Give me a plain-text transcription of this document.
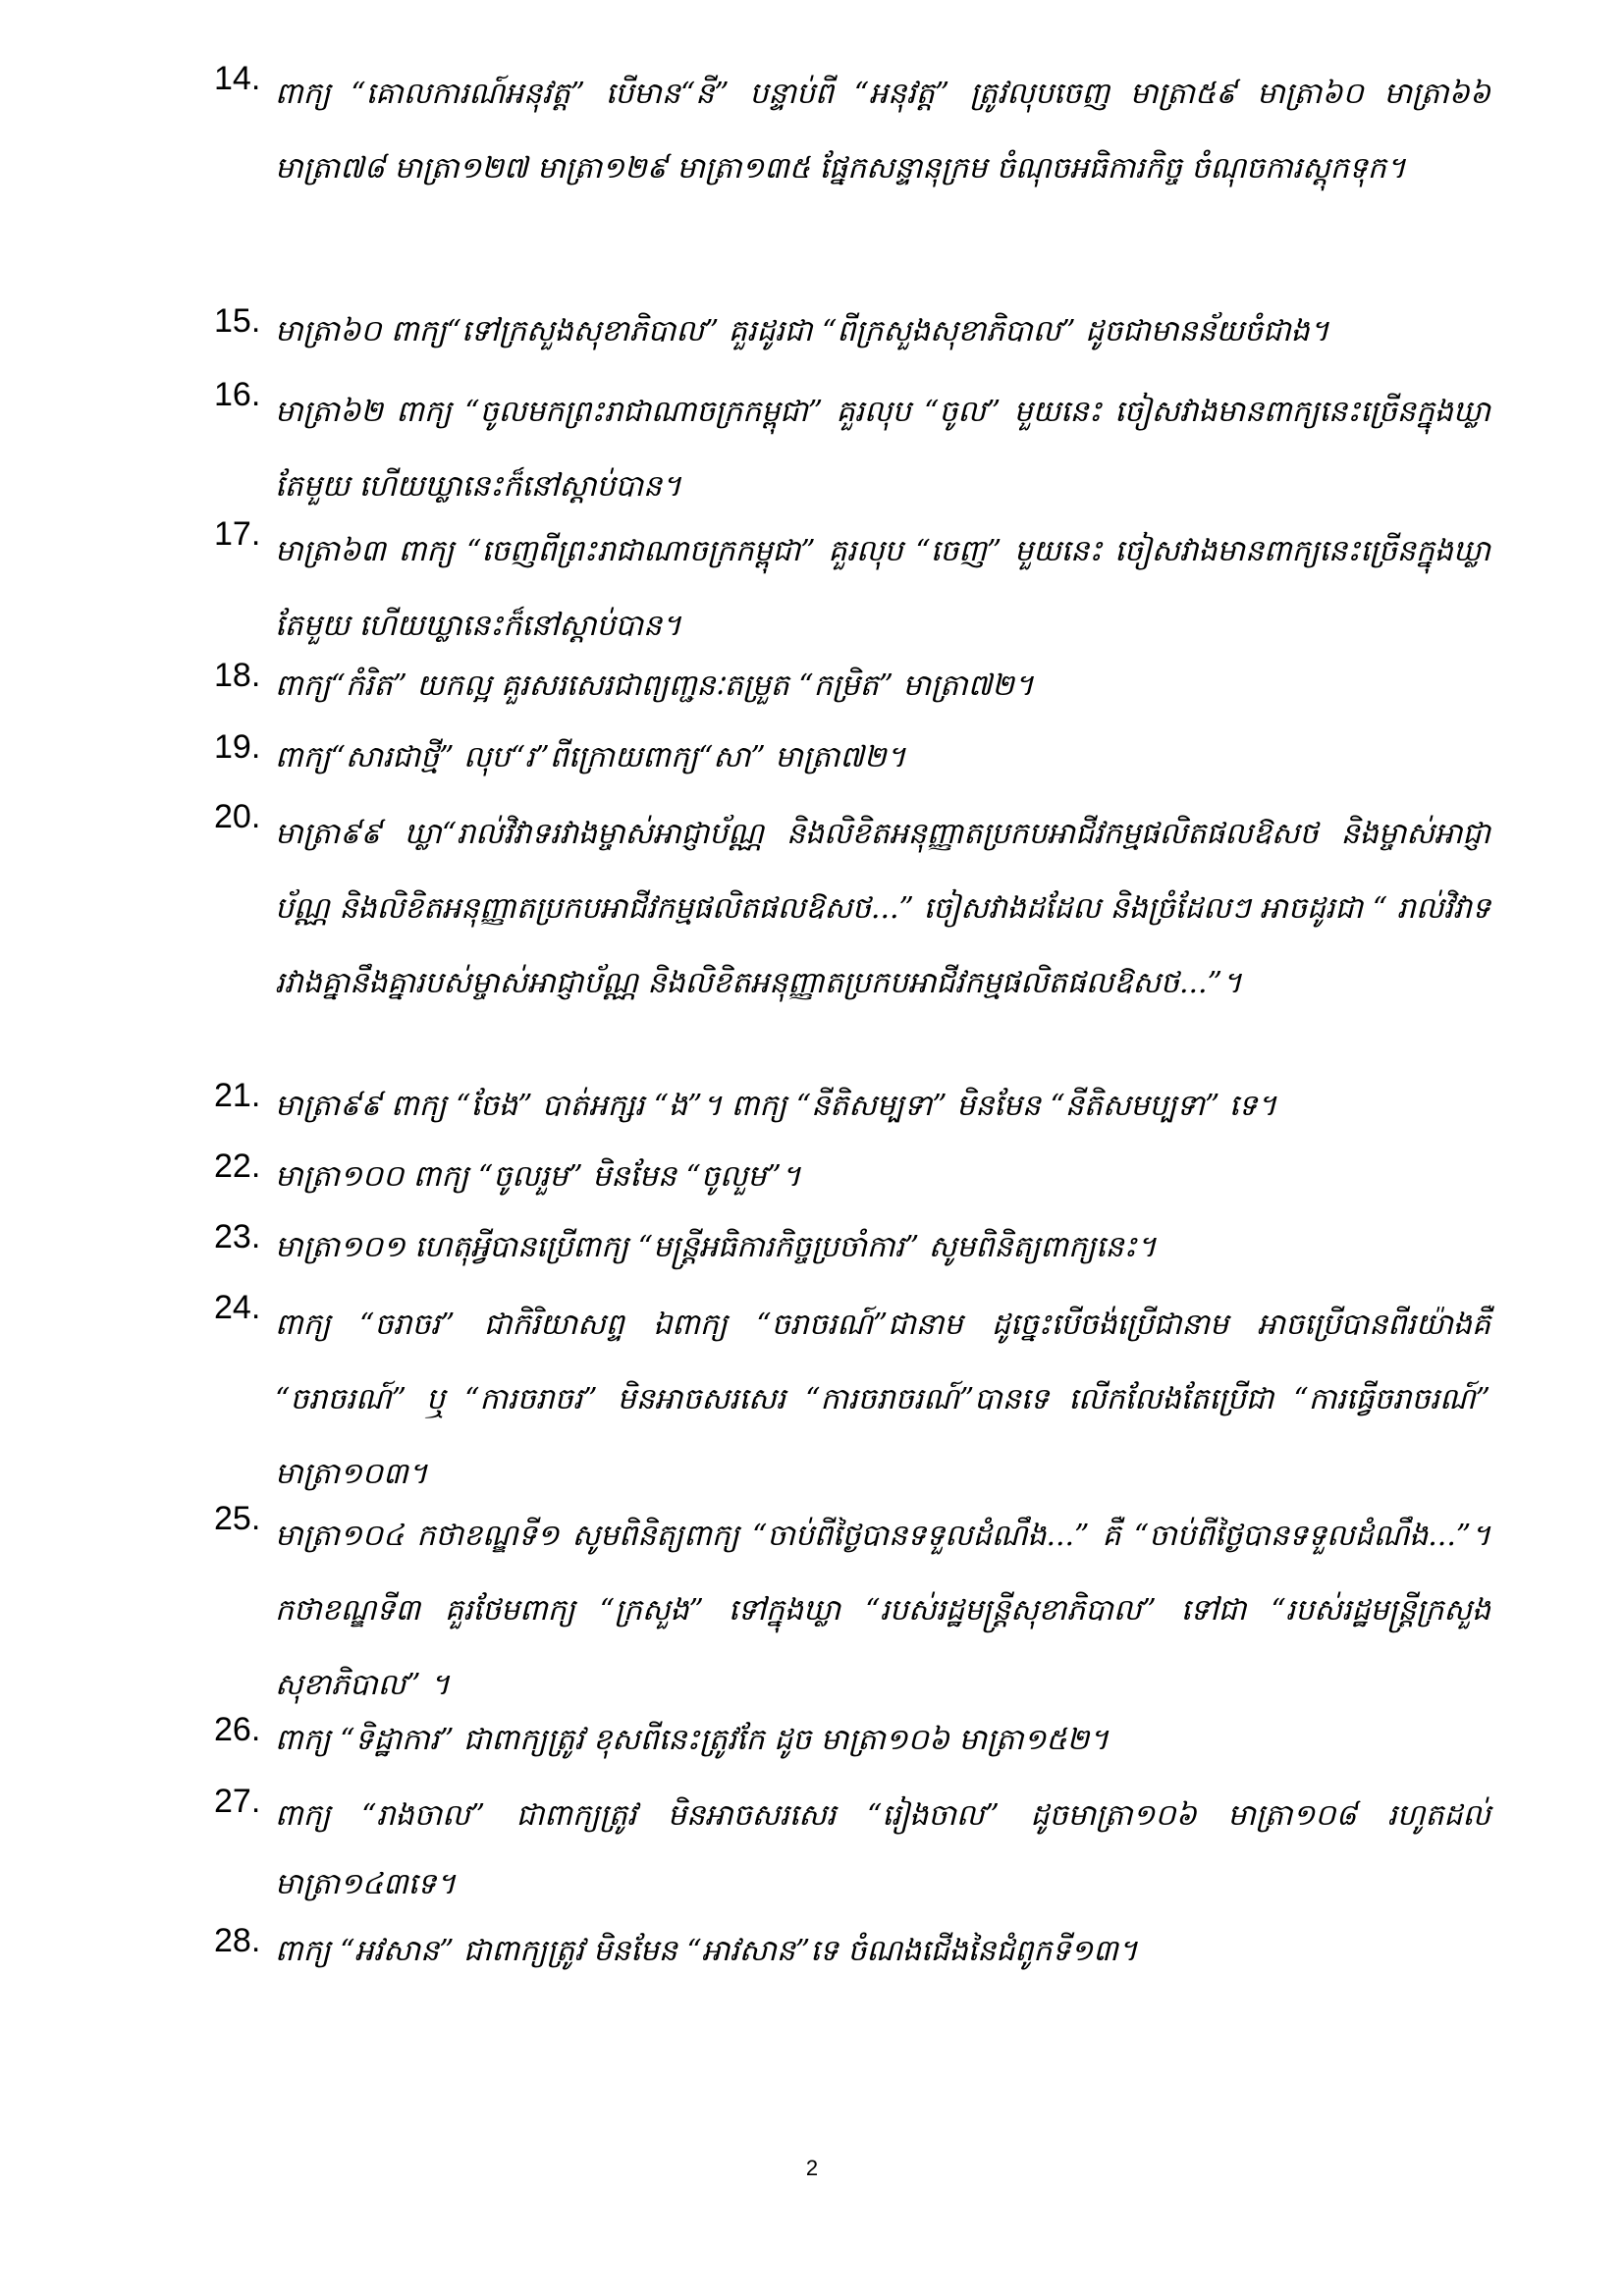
14. ពាក្យ “គោលការណ៍អនុវត្ត” បើមាន“នី” បន្ទាប់ពី “អនុវត្ត” ត្រូវលុបចេញ មាត្រា៥៩ មាត្រា៦០ មាត្រា៦៦ មាត្រា៧៨ មាត្រា១២៧ មាត្រា១២៩ មាត្រា១៣៥ ផ្នែកសន្ទានុក្រម ចំណុចអធិការកិច្ច ចំណុចការស្តុកទុក។
15. មាត្រា៦០ ពាក្យ“ទៅក្រសួងសុខាភិបាល” គួរដូរជា “ពីក្រសួងសុខាភិបាល” ដូចជាមានន័យចំជាង។
16. មាត្រា៦២ ពាក្យ “ចូលមកព្រះរាជាណាចក្រកម្ពុជា” គួរលុប “ចូល” មួយនេះ ចៀសវាងមានពាក្យនេះច្រើនក្នុងឃ្លាតែមួយ ហើយឃ្លានេះក៏នៅស្តាប់បាន។
17. មាត្រា៦៣ ពាក្យ “ចេញពីព្រះរាជាណាចក្រកម្ពុជា” គួរលុប “ចេញ” មួយនេះ ចៀសវាងមានពាក្យនេះច្រើនក្នុងឃ្លាតែមួយ ហើយឃ្លានេះក៏នៅស្តាប់បាន។
18. ពាក្យ“កំរិត” យកល្អ គួរសរសេរជាព្យញ្ជនៈតម្រួត “កម្រិត” មាត្រា៧២។
19. ពាក្យ“សារជាថ្មី” លុប“រ”ពីក្រោយពាក្យ“សា” មាត្រា៧២។
20. មាត្រា៩៩ ឃ្លា“រាល់វិវាទរវាងម្ចាស់អាជ្ញាប័ណ្ណ និងលិខិតអនុញ្ញាតប្រកបអាជីវកម្មផលិតផលឱសថ និងម្ចាស់អាជ្ញាប័ណ្ណ និងលិខិតអនុញ្ញាតប្រកបអាជីវកម្មផលិតផលឱសថ...” ចៀសវាងដដែល និងច្រំដែលៗ អាចដូរជា “ រាល់វិវាទរវាងគ្នានឹងគ្នារបស់ម្ចាស់អាជ្ញាប័ណ្ណ និងលិខិតអនុញ្ញាតប្រកបអាជីវកម្មផលិតផលឱសថ...”។
21. មាត្រា៩៩ ពាក្យ “ចែង” បាត់អក្សរ “ង”។ ពាក្យ “នីតិសម្បទា” មិនមែន “នីតិសមប្បទា” ទេ។
22. មាត្រា១០០ ពាក្យ “ចូលរួម” មិនមែន “ចូលួម”។
23. មាត្រា១០១ ហេតុអ្វីបានប្រើពាក្យ “មន្ត្រីអធិការកិច្ចប្រចាំការ” សូមពិនិត្យពាក្យនេះ។
24. ពាក្យ “ចរាចរ” ជាកិរិយាសព្ទ ឯពាក្យ “ចរាចរណ៍”ជានាម ដូច្នេះបើចង់ប្រើជានាម អាចប្រើបានពីរយ៉ាងគឺ “ចរាចរណ៍” ឬ “ការចរាចរ” មិនអាចសរសេរ “ការចរាចរណ៍”បានទេ លើកលែងតែប្រើជា “ការធ្វើចរាចរណ៍” មាត្រា១០៣។
25. មាត្រា១០៤ កថាខណ្ឌទី១ សូមពិនិត្យពាក្យ “ចាប់ពីថ្ងៃបានទទួលដំណឹង...” គឺ “ចាប់ពីថ្ងៃបានទទួលដំណឹង...”។ កថាខណ្ឌទី៣ គួរថែមពាក្យ “ក្រសួង” ទៅក្នុងឃ្លា “របស់រដ្ឋមន្ត្រីសុខាភិបាល” ទៅជា “របស់រដ្ឋមន្ត្រីក្រសួងសុខាភិបាល” ។
26. ពាក្យ “ទិដ្ឋាការ” ជាពាក្យត្រូវ ខុសពីនេះត្រូវកែ ដូច មាត្រា១០៦ មាត្រា១៥២។
27. ពាក្យ “រាងចាល” ជាពាក្យត្រូវ មិនអាចសរសេរ “រៀងចាល” ដូចមាត្រា១០៦ មាត្រា១០៨ រហូតដល់មាត្រា១៤៣ទេ។
28. ពាក្យ “អវសាន” ជាពាក្យត្រូវ មិនមែន “អាវសាន”ទេ ចំណងជើងនៃជំពូកទី១៣។
2
